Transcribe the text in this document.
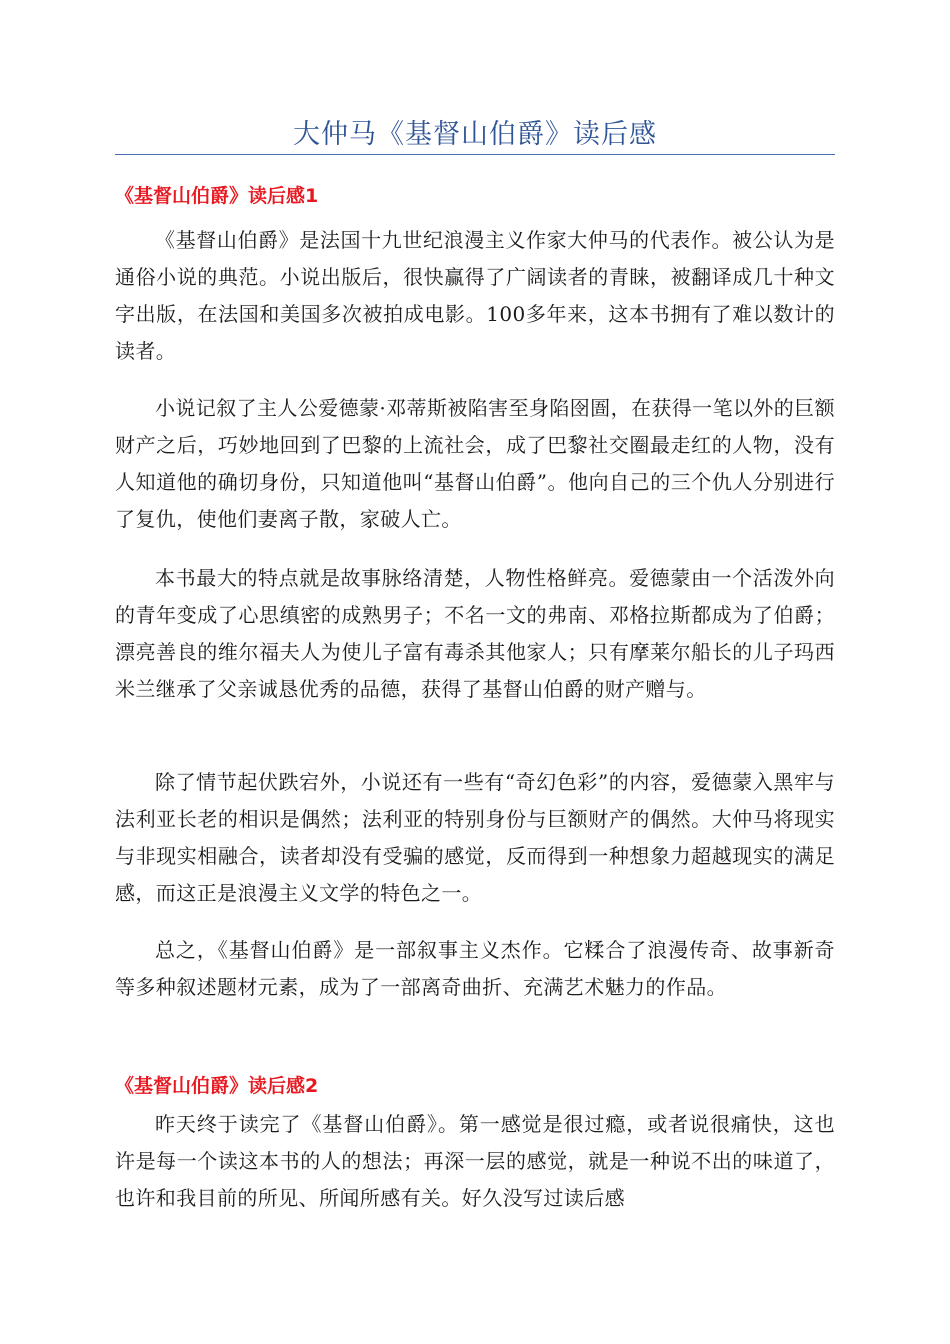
大仲马《基督山伯爵》读后感
《基督山伯爵》读后感1

《基督山伯爵》是法国十九世纪浪漫主义作家大仲马的代表作。被公认为是通俗小说的典范。小说出版后，很快赢得了广阔读者的青睐，被翻译成几十种文字出版，在法国和美国多次被拍成电影。100多年来，这本书拥有了难以数计的读者。

小说记叙了主人公爱德蒙·邓蒂斯被陷害至身陷囹圄，在获得一笔以外的巨额财产之后，巧妙地回到了巴黎的上流社会，成了巴黎社交圈最走红的人物，没有人知道他的确切身份，只知道他叫“基督山伯爵”。他向自己的三个仇人分别进行了复仇，使他们妻离子散，家破人亡。

本书最大的特点就是故事脉络清楚，人物性格鲜亮。爱德蒙由一个活泼外向的青年变成了心思缜密的成熟男子；不名一文的弗南、邓格拉斯都成为了伯爵；漂亮善良的维尔福夫人为使儿子富有毒杀其他家人；只有摩莱尔船长的儿子玛西米兰继承了父亲诚恳优秀的品德，获得了基督山伯爵的财产赠与。

除了情节起伏跌宕外，小说还有一些有“奇幻色彩”的内容，爱德蒙入黑牢与法利亚长老的相识是偶然；法利亚的特别身份与巨额财产的偶然。大仲马将现实与非现实相融合，读者却没有受骗的感觉，反而得到一种想象力超越现实的满足感，而这正是浪漫主义文学的特色之一。

总之，《基督山伯爵》是一部叙事主义杰作。它糅合了浪漫传奇、故事新奇等多种叙述题材元素，成为了一部离奇曲折、充满艺术魅力的作品。

《基督山伯爵》读后感2

昨天终于读完了《基督山伯爵》。第一感觉是很过瘾，或者说很痛快，这也许是每一个读这本书的人的想法；再深一层的感觉，就是一种说不出的味道了，也许和我目前的所见、所闻所感有关。好久没写过读后感
